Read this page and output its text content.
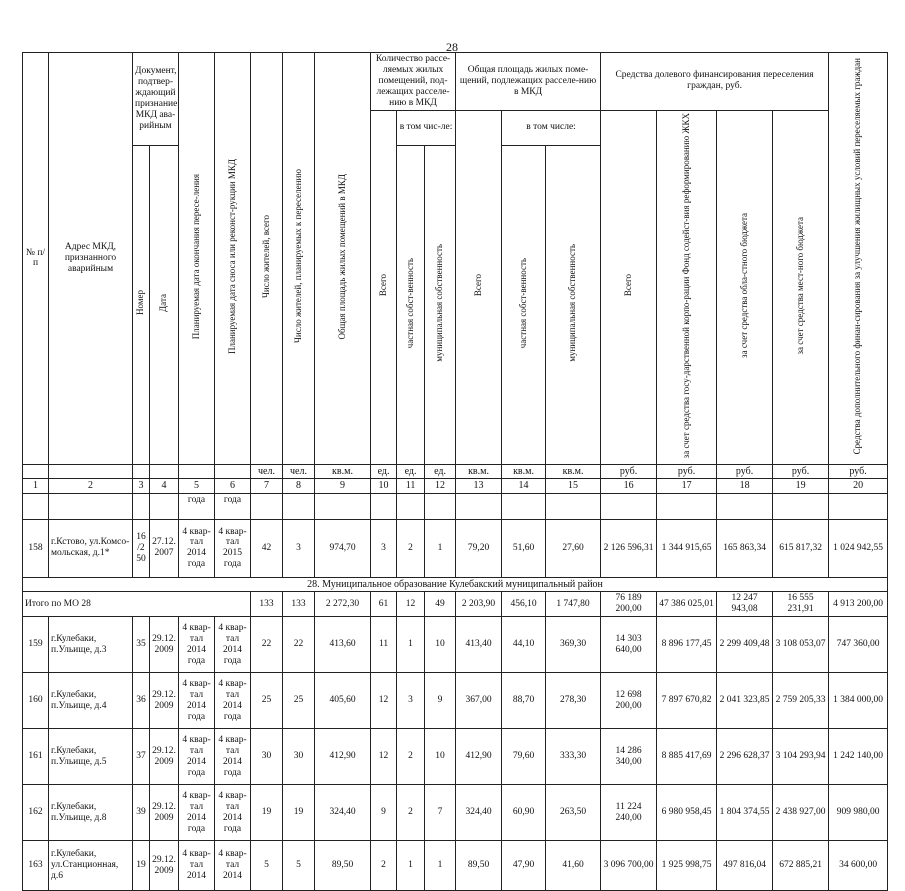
28
№ п/п	Адрес МКД, признанного аварийным	Документ, подтвер-ждающий признание МКД ава-рийным		Планируемая дата окончания пересе-ления	Планируемая дата сноса или реконст-рукции МКД	Число жителей, всего	Число жителей, планируемых к переселению	Общая площадь жилых помещений в МКД	Количество рассе-ляемых жилых помещений, под-лежащих расселе-нию в МКД			Общая площадь жилых поме-щений, подлежащих расселе-нию в МКД			Средства долевого финансирования переселения граждан, руб.				Средства дополнительного финан-сирования за улучшения жилищных условий переселяемых граждан
									Всего	в том чис-ле:		Всего	в том числе:		Всего	за счет средства госу-дарственной корпо-рации Фонд содейст-вия реформированию ЖКХ	за счет средства обла-стного бюджета	за счет средства мест-ного бюджета	
		Номер	Дата							частная собст-венность	муниципальная собственность		частная собст-венность	муниципальная собственность					
						чел.	чел.	кв.м.	ед.	ед.	ед.	кв.м.	кв.м.	кв.м.	руб.	руб.	руб.	руб.	руб.
1	2	3	4	5	6	7	8	9	10	11	12	13	14	15	16	17	18	19	20
				года	года														
158	г.Кстово, ул.Комсо-мольская, д.1*	16 /2 50	27.12. 2007	4 квар-тал 2014 года	4 квар-тал 2015 года	42	3	974,70	3	2	1	79,20	51,60	27,60	2 126 596,31	1 344 915,65	165 863,34	615 817,32	1 024 942,55
28. Муниципальное образование Кулебакский муниципальный район																			
Итого по МО 28						133	133	2 272,30	61	12	49	2 203,90	456,10	1 747,80	76 189 200,00	47 386 025,01	12 247 943,08	16 555 231,91	4 913 200,00
159	г.Кулебаки, п.Ульище, д.3	35	29.12. 2009	4 квар-тал 2014 года	4 квар-тал 2014 года	22	22	413,60	11	1	10	413,40	44,10	369,30	14 303 640,00	8 896 177,45	2 299 409,48	3 108 053,07	747 360,00
160	г.Кулебаки, п.Ульище, д.4	36	29.12. 2009	4 квар-тал 2014 года	4 квар-тал 2014 года	25	25	405,60	12	3	9	367,00	88,70	278,30	12 698 200,00	7 897 670,82	2 041 323,85	2 759 205,33	1 384 000,00
161	г.Кулебаки, п.Ульище, д.5	37	29.12. 2009	4 квар-тал 2014 года	4 квар-тал 2014 года	30	30	412,90	12	2	10	412,90	79,60	333,30	14 286 340,00	8 885 417,69	2 296 628,37	3 104 293,94	1 242 140,00
162	г.Кулебаки, п.Ульище, д.8	39	29.12. 2009	4 квар-тал 2014 года	4 квар-тал 2014 года	19	19	324,40	9	2	7	324,40	60,90	263,50	11 224 240,00	6 980 958,45	1 804 374,55	2 438 927,00	909 980,00
163	г.Кулебаки, ул.Станционная, д.6	19	29.12. 2009	4 квар-тал 2014	4 квар-тал 2014	5	5	89,50	2	1	1	89,50	47,90	41,60	3 096 700,00	1 925 998,75	497 816,04	672 885,21	34 600,00
